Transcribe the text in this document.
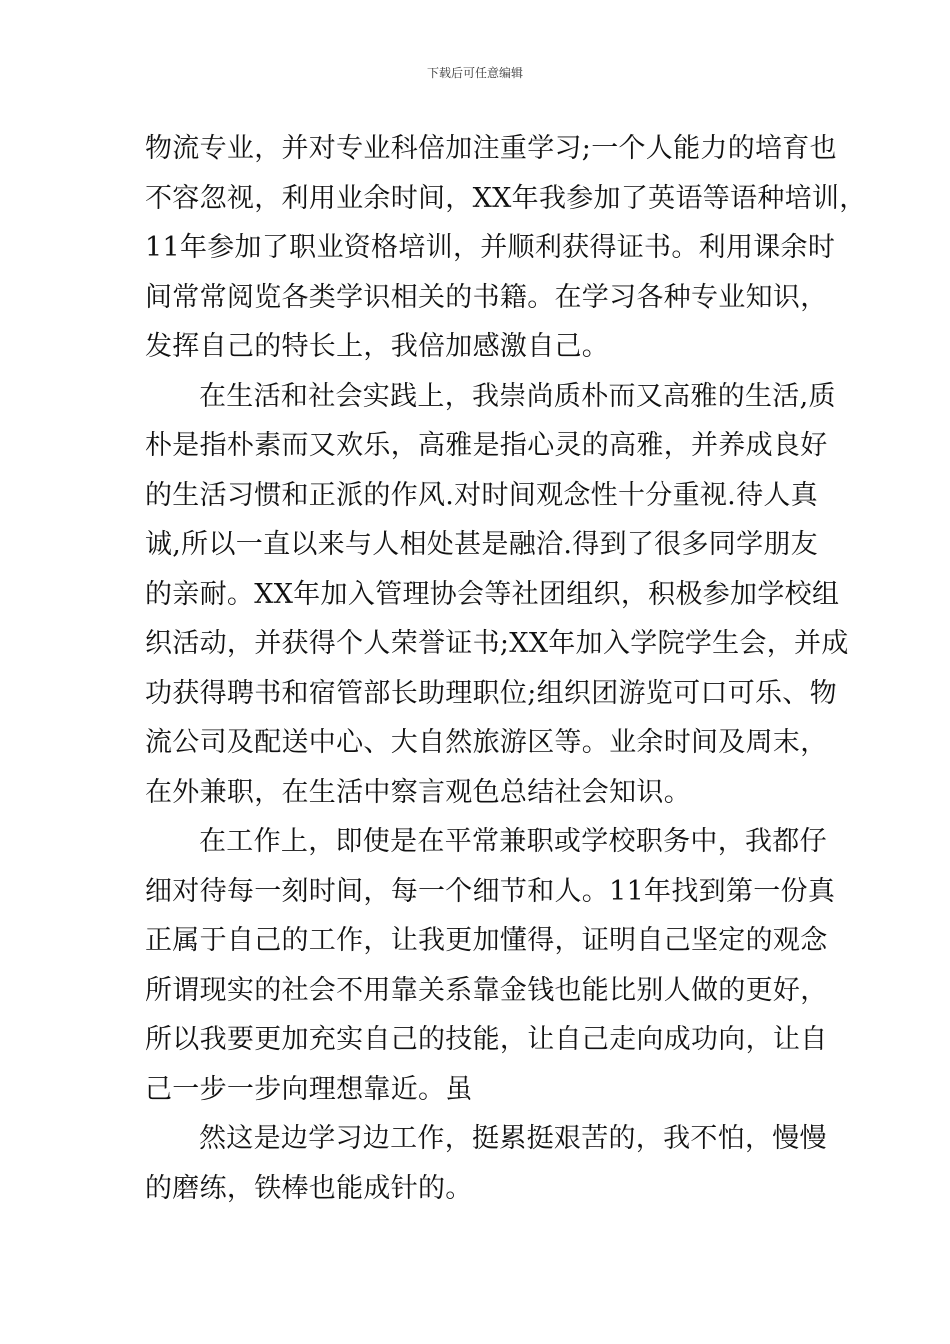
下载后可任意编辑

物流专业，并对专业科倍加注重学习;一个人能力的培育也
不容忽视，利用业余时间，XX年我参加了英语等语种培训，
11年参加了职业资格培训，并顺利获得证书。利用课余时
间常常阅览各类学识相关的书籍。在学习各种专业知识，
发挥自己的特长上，我倍加感激自己。

在生活和社会实践上，我崇尚质朴而又高雅的生活,质
朴是指朴素而又欢乐，高雅是指心灵的高雅，并养成良好
的生活习惯和正派的作风.对时间观念性十分重视.待人真
诚,所以一直以来与人相处甚是融洽.得到了很多同学朋友
的亲耐。XX年加入管理协会等社团组织，积极参加学校组
织活动，并获得个人荣誉证书;XX年加入学院学生会，并成
功获得聘书和宿管部长助理职位;组织团游览可口可乐、物
流公司及配送中心、大自然旅游区等。业余时间及周末，
在外兼职，在生活中察言观色总结社会知识。

在工作上，即使是在平常兼职或学校职务中，我都仔
细对待每一刻时间，每一个细节和人。11年找到第一份真
正属于自己的工作，让我更加懂得，证明自己坚定的观念
所谓现实的社会不用靠关系靠金钱也能比别人做的更好，
所以我要更加充实自己的技能，让自己走向成功向，让自
己一步一步向理想靠近。虽

然这是边学习边工作，挺累挺艰苦的，我不怕，慢慢
的磨练，铁棒也能成针的。
